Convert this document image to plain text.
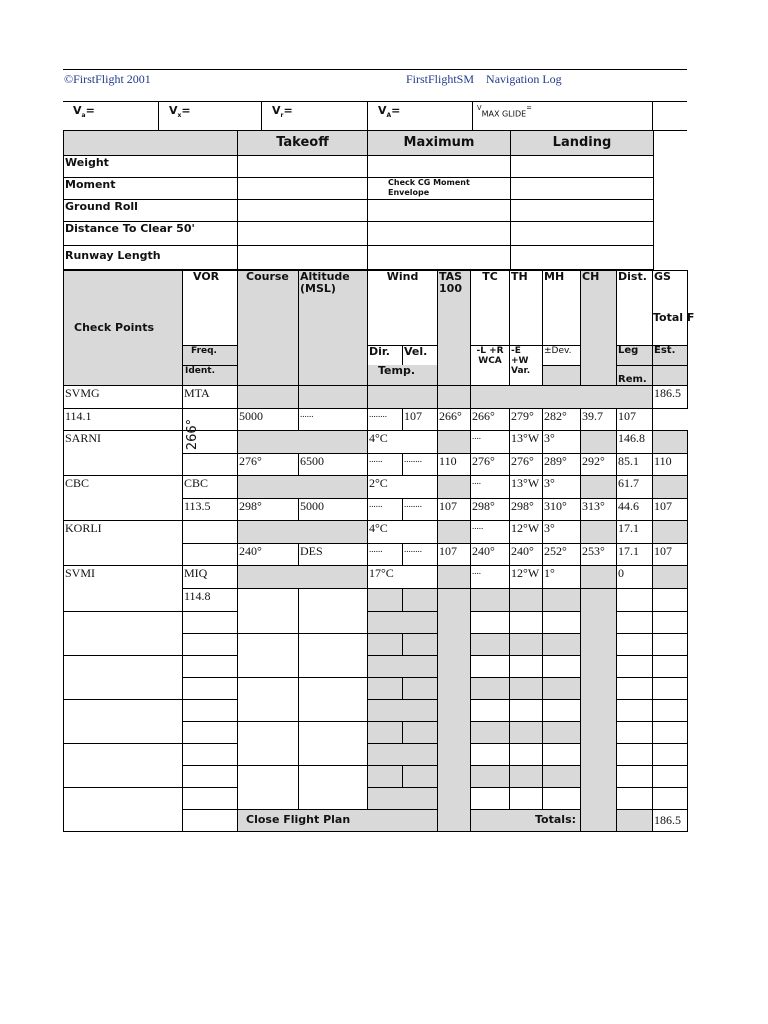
©FirstFlight 2001	FirstFlightSM Navigation Log
$V_a=$	$V_x=$	$V_r=$	$V_A=$	$^V_{MAX GLIDE}$=
	Takeoff	Maximum	Landing
Weight			
Moment		Check CG Moment
Envelope	
Ground Roll			
Distance To Clear 50'			
Runway Length			
Total F
Check Points	VOR	Course	Altitude (MSL)	Wind		TAS 100	TC	TH	MH	CH	Dist.	GS	
	Freq.			Dir.	Vel.		-L +R WCA	-E +W Var.	±Dev.		Leg	Est.	
	Ident.			Temp.							Rem.		
SVMG	MTA											186.5	
114.1	266°	5000	......	........	107	266°	266°	279°	282°	39.7	107		
SARNI				4°C			....	13°W	3°		146.8		
		276°	6500	......	........	110	276°	276°	289°	292°	85.1	110	
CBC	CBC			2°C			....	13°W	3°		61.7		
	113.5	298°	5000	......	........	107	298°	298°	310°	313°	44.6	107	
KORLI				4°C			.....	12°W	3°		17.1		
		240°	DES	......	........	107	240°	240°	252°	253°	17.1	107	
SVMI	MIQ			17°C			....	12°W	1°		0		
	114.8												

		Close Flight Plan					Totals:					186.5	
